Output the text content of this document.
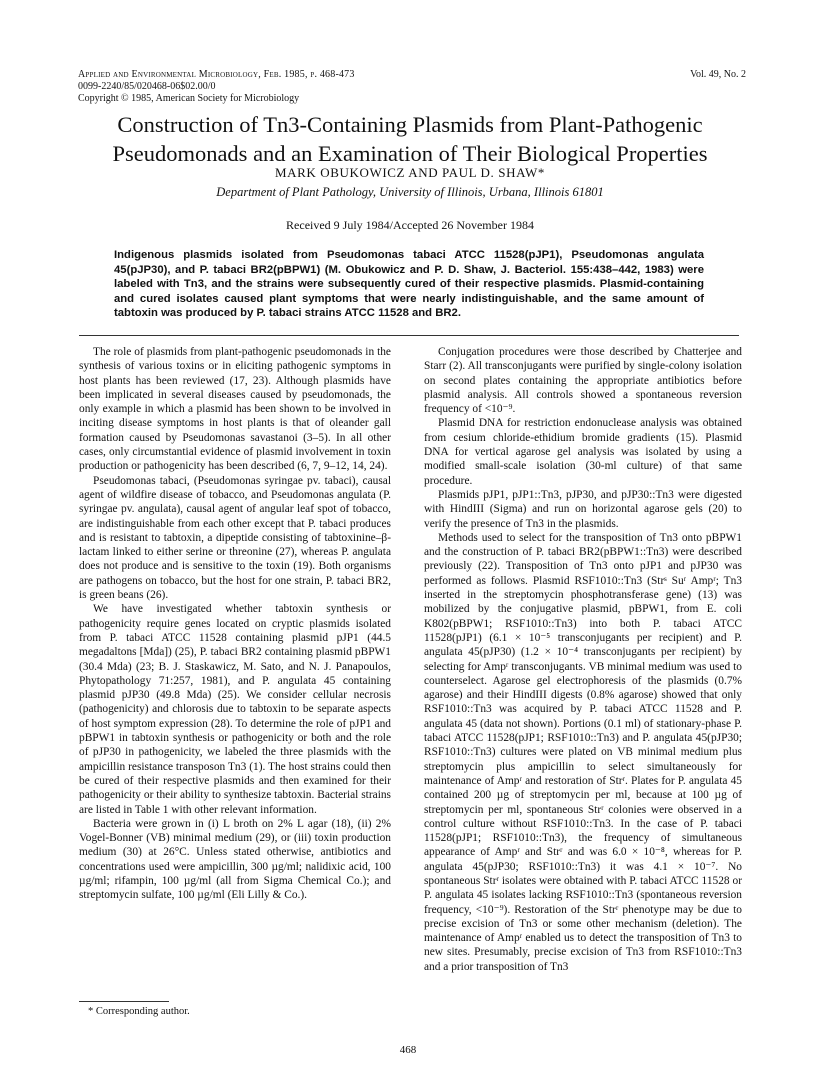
Applied and Environmental Microbiology, Feb. 1985, p. 468-473
0099-2240/85/020468-06$02.00/0
Copyright © 1985, American Society for Microbiology
Vol. 49, No. 2
Construction of Tn3-Containing Plasmids from Plant-Pathogenic
Pseudomonads and an Examination of Their Biological Properties
MARK OBUKOWICZ AND PAUL D. SHAW*
Department of Plant Pathology, University of Illinois, Urbana, Illinois 61801
Received 9 July 1984/Accepted 26 November 1984
Indigenous plasmids isolated from Pseudomonas tabaci ATCC 11528(pJP1), Pseudomonas angulata 45(pJP30), and P. tabaci BR2(pBPW1) (M. Obukowicz and P. D. Shaw, J. Bacteriol. 155:438–442, 1983) were labeled with Tn3, and the strains were subsequently cured of their respective plasmids. Plasmid-containing and cured isolates caused plant symptoms that were nearly indistinguishable, and the same amount of tabtoxin was produced by P. tabaci strains ATCC 11528 and BR2.

The role of plasmids from plant-pathogenic pseudomonads in the synthesis of various toxins or in eliciting pathogenic symptoms in host plants has been reviewed (17, 23). Although plasmids have been implicated in several diseases caused by pseudomonads, the only example in which a plasmid has been shown to be involved in inciting disease symptoms in host plants is that of oleander gall formation caused by Pseudomonas savastanoi (3–5). In all other cases, only circumstantial evidence of plasmid involvement in toxin production or pathogenicity has been described (6, 7, 9–12, 14, 24).

Pseudomonas tabaci, (Pseudomonas syringae pv. tabaci), causal agent of wildfire disease of tobacco, and Pseudomonas angulata (P. syringae pv. angulata), causal agent of angular leaf spot of tobacco, are indistinguishable from each other except that P. tabaci produces and is resistant to tabtoxin, a dipeptide consisting of tabtoxinine–β-lactam linked to either serine or threonine (27), whereas P. angulata does not produce and is sensitive to the toxin (19). Both organisms are pathogens on tobacco, but the host for one strain, P. tabaci BR2, is green beans (26).

We have investigated whether tabtoxin synthesis or pathogenicity require genes located on cryptic plasmids isolated from P. tabaci ATCC 11528 containing plasmid pJP1 (44.5 megadaltons [Mda]) (25), P. tabaci BR2 containing plasmid pBPW1 (30.4 Mda) (23; B. J. Staskawicz, M. Sato, and N. J. Panapoulos, Phytopathology 71:257, 1981), and P. angulata 45 containing plasmid pJP30 (49.8 Mda) (25). We consider cellular necrosis (pathogenicity) and chlorosis due to tabtoxin to be separate aspects of host symptom expression (28). To determine the role of pJP1 and pBPW1 in tabtoxin synthesis or pathogenicity or both and the role of pJP30 in pathogenicity, we labeled the three plasmids with the ampicillin resistance transposon Tn3 (1). The host strains could then be cured of their respective plasmids and then examined for their pathogenicity or their ability to synthesize tabtoxin. Bacterial strains are listed in Table 1 with other relevant information.

Bacteria were grown in (i) L broth on 2% L agar (18), (ii) 2% Vogel-Bonner (VB) minimal medium (29), or (iii) toxin production medium (30) at 26°C. Unless stated otherwise, antibiotics and concentrations used were ampicillin, 300 µg/ml; nalidixic acid, 100 µg/ml; rifampin, 100 µg/ml (all from Sigma Chemical Co.); and streptomycin sulfate, 100 µg/ml (Eli Lilly & Co.).

Conjugation procedures were those described by Chatterjee and Starr (2). All transconjugants were purified by single-colony isolation on second plates containing the appropriate antibiotics before plasmid analysis. All controls showed a spontaneous reversion frequency of <10⁻⁹.

Plasmid DNA for restriction endonuclease analysis was obtained from cesium chloride-ethidium bromide gradients (15). Plasmid DNA for vertical agarose gel analysis was isolated by using a modified small-scale isolation (30-ml culture) of that same procedure.

Plasmids pJP1, pJP1::Tn3, pJP30, and pJP30::Tn3 were digested with HindIII (Sigma) and run on horizontal agarose gels (20) to verify the presence of Tn3 in the plasmids.

Methods used to select for the transposition of Tn3 onto pBPW1 and the construction of P. tabaci BR2(pBPW1::Tn3) were described previously (22). Transposition of Tn3 onto pJP1 and pJP30 was performed as follows. Plasmid RSF1010::Tn3 (Strˢ Suʳ Ampʳ; Tn3 inserted in the streptomycin phosphotransferase gene) (13) was mobilized by the conjugative plasmid, pBPW1, from E. coli K802(pBPW1; RSF1010::Tn3) into both P. tabaci ATCC 11528(pJP1) (6.1 × 10⁻⁵ transconjugants per recipient) and P. angulata 45(pJP30) (1.2 × 10⁻⁴ transconjugants per recipient) by selecting for Ampʳ transconjugants. VB minimal medium was used to counterselect. Agarose gel electrophoresis of the plasmids (0.7% agarose) and their HindIII digests (0.8% agarose) showed that only RSF1010::Tn3 was acquired by P. tabaci ATCC 11528 and P. angulata 45 (data not shown). Portions (0.1 ml) of stationary-phase P. tabaci ATCC 11528(pJP1; RSF1010::Tn3) and P. angulata 45(pJP30; RSF1010::Tn3) cultures were plated on VB minimal medium plus streptomycin plus ampicillin to select simultaneously for maintenance of Ampʳ and restoration of Strʳ. Plates for P. angulata 45 contained 200 µg of streptomycin per ml, because at 100 µg of streptomycin per ml, spontaneous Strʳ colonies were observed in a control culture without RSF1010::Tn3. In the case of P. tabaci 11528(pJP1; RSF1010::Tn3), the frequency of simultaneous appearance of Ampʳ and Strʳ and was 6.0 × 10⁻⁸, whereas for P. angulata 45(pJP30; RSF1010::Tn3) it was 4.1 × 10⁻⁷. No spontaneous Strʳ isolates were obtained with P. tabaci ATCC 11528 or P. angulata 45 isolates lacking RSF1010::Tn3 (spontaneous reversion frequency, <10⁻⁹). Restoration of the Strʳ phenotype may be due to precise excision of Tn3 or some other mechanism (deletion). The maintenance of Ampʳ enabled us to detect the transposition of Tn3 to new sites. Presumably, precise excision of Tn3 from RSF1010::Tn3 and a prior transposition of Tn3

* Corresponding author.
468
